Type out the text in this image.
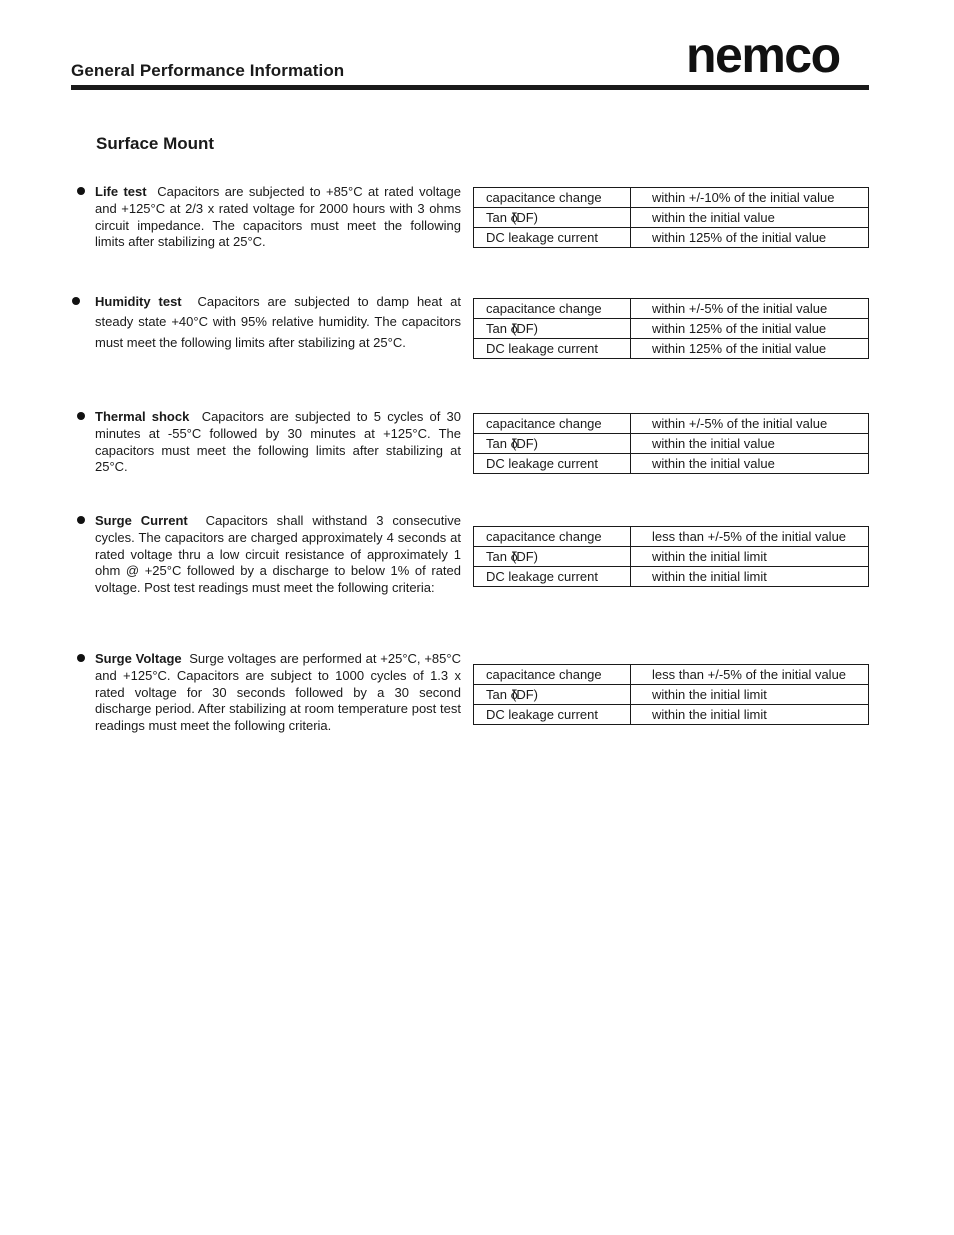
General Performance Information	nemco
Surface Mount
Life test Capacitors are subjected to +85°C at rated voltage and +125°C at 2/3 x rated voltage for 2000 hours with 3 ohms circuit impedance. The capacitors must meet the following limits after stabilizing at 25°C.
capacitance change	within +/-10% of the initial value
Tan δ(DF)	within the initial value
DC leakage current	within 125% of the initial value
Humidity test Capacitors are subjected to damp heat at steady state +40°C with 95% relative humidity. The capacitors must meet the following limits after stabilizing at 25°C.
capacitance change	within +/-5% of the initial value
Tan δ(DF)	within 125% of the initial value
DC leakage current	within 125% of the initial value
Thermal shock Capacitors are subjected to 5 cycles of 30 minutes at -55°C followed by 30 minutes at +125°C. The capacitors must meet the following limits after stabilizing at 25°C.
capacitance change	within +/-5% of the initial value
Tan δ(DF)	within the initial value
DC leakage current	within the initial value
Surge Current Capacitors shall withstand 3 consecutive cycles. The capacitors are charged approximately 4 seconds at rated voltage thru a low circuit resistance of approximately 1 ohm @ +25°C followed by a discharge to below 1% of rated voltage. Post test readings must meet the following criteria:
capacitance change	less than +/-5% of the initial value
Tan δ(DF)	within the initial limit
DC leakage current	within the initial limit
Surge Voltage Surge voltages are performed at +25°C, +85°C and +125°C. Capacitors are subject to 1000 cycles of 1.3 x rated voltage for 30 seconds followed by a 30 second discharge period. After stabilizing at room temperature post test readings must meet the following criteria.
capacitance change	less than +/-5% of the initial value
Tan δ(DF)	within the initial limit
DC leakage current	within the initial limit
